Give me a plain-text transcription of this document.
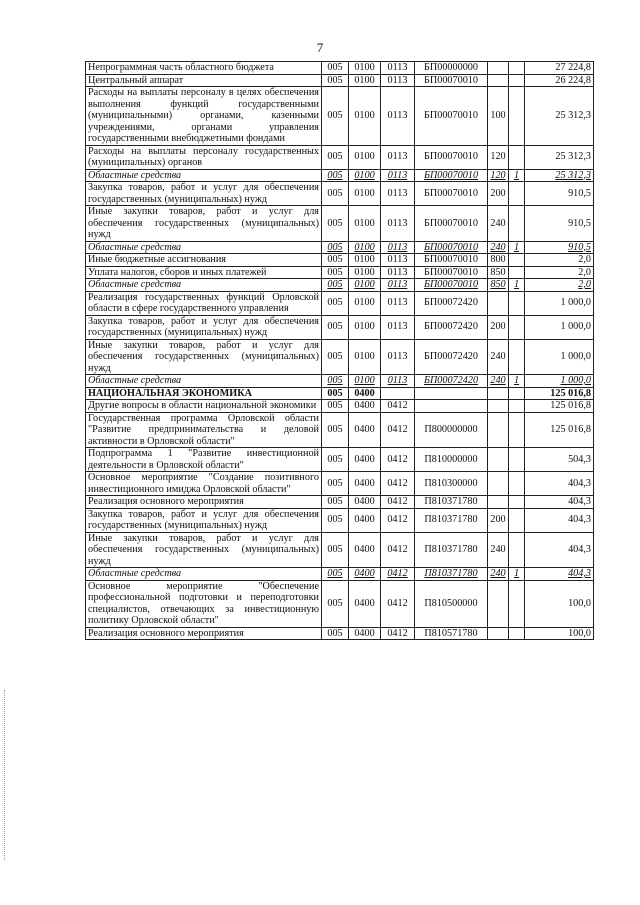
7
Непрограммная часть областного бюджета	005	0100	0113	БП00000000			27 224,8
Центральный аппарат	005	0100	0113	БП00070010			26 224,8
Расходы на выплаты персоналу в целях обеспечения выполнения функций государственными (муниципальными) органами, казенными учреждениями, органами управления государственными внебюджетными фондами	005	0100	0113	БП00070010	100		25 312,3
Расходы на выплаты персоналу государственных (муниципальных) органов	005	0100	0113	БП00070010	120		25 312,3
Областные средства	005	0100	0113	БП00070010	120	1	25 312,3
Закупка товаров, работ и услуг для обеспечения государственных (муниципальных) нужд	005	0100	0113	БП00070010	200		910,5
Иные закупки товаров, работ и услуг для обеспечения государственных (муниципальных) нужд	005	0100	0113	БП00070010	240		910,5
Областные средства	005	0100	0113	БП00070010	240	1	910,5
Иные бюджетные ассигнования	005	0100	0113	БП00070010	800		2,0
Уплата налогов, сборов и иных платежей	005	0100	0113	БП00070010	850		2,0
Областные средства	005	0100	0113	БП00070010	850	1	2,0
Реализация государственных функций Орловской области в сфере государственного управления	005	0100	0113	БП00072420			1 000,0
Закупка товаров, работ и услуг для обеспечения государственных (муниципальных) нужд	005	0100	0113	БП00072420	200		1 000,0
Иные закупки товаров, работ и услуг для обеспечения государственных (муниципальных) нужд	005	0100	0113	БП00072420	240		1 000,0
Областные средства	005	0100	0113	БП00072420	240	1	1 000,0
НАЦИОНАЛЬНАЯ ЭКОНОМИКА	005	0400					125 016,8
Другие вопросы в области национальной экономики	005	0400	0412				125 016,8
Государственная программа Орловской области "Развитие предпринимательства и деловой активности в Орловской области"	005	0400	0412	П800000000			125 016,8
Подпрограмма 1 "Развитие инвестиционной деятельности в Орловской области"	005	0400	0412	П810000000			504,3
Основное мероприятие "Создание позитивного инвестиционного имиджа Орловской области"	005	0400	0412	П810300000			404,3
Реализация основного мероприятия	005	0400	0412	П810371780			404,3
Закупка товаров, работ и услуг для обеспечения государственных (муниципальных) нужд	005	0400	0412	П810371780	200		404,3
Иные закупки товаров, работ и услуг для обеспечения государственных (муниципальных) нужд	005	0400	0412	П810371780	240		404,3
Областные средства	005	0400	0412	П810371780	240	1	404,3
Основное мероприятие "Обеспечение профессиональной подготовки и переподготовки специалистов, отвечающих за инвестиционную политику Орловской области"	005	0400	0412	П810500000			100,0
Реализация основного мероприятия	005	0400	0412	П810571780			100,0
